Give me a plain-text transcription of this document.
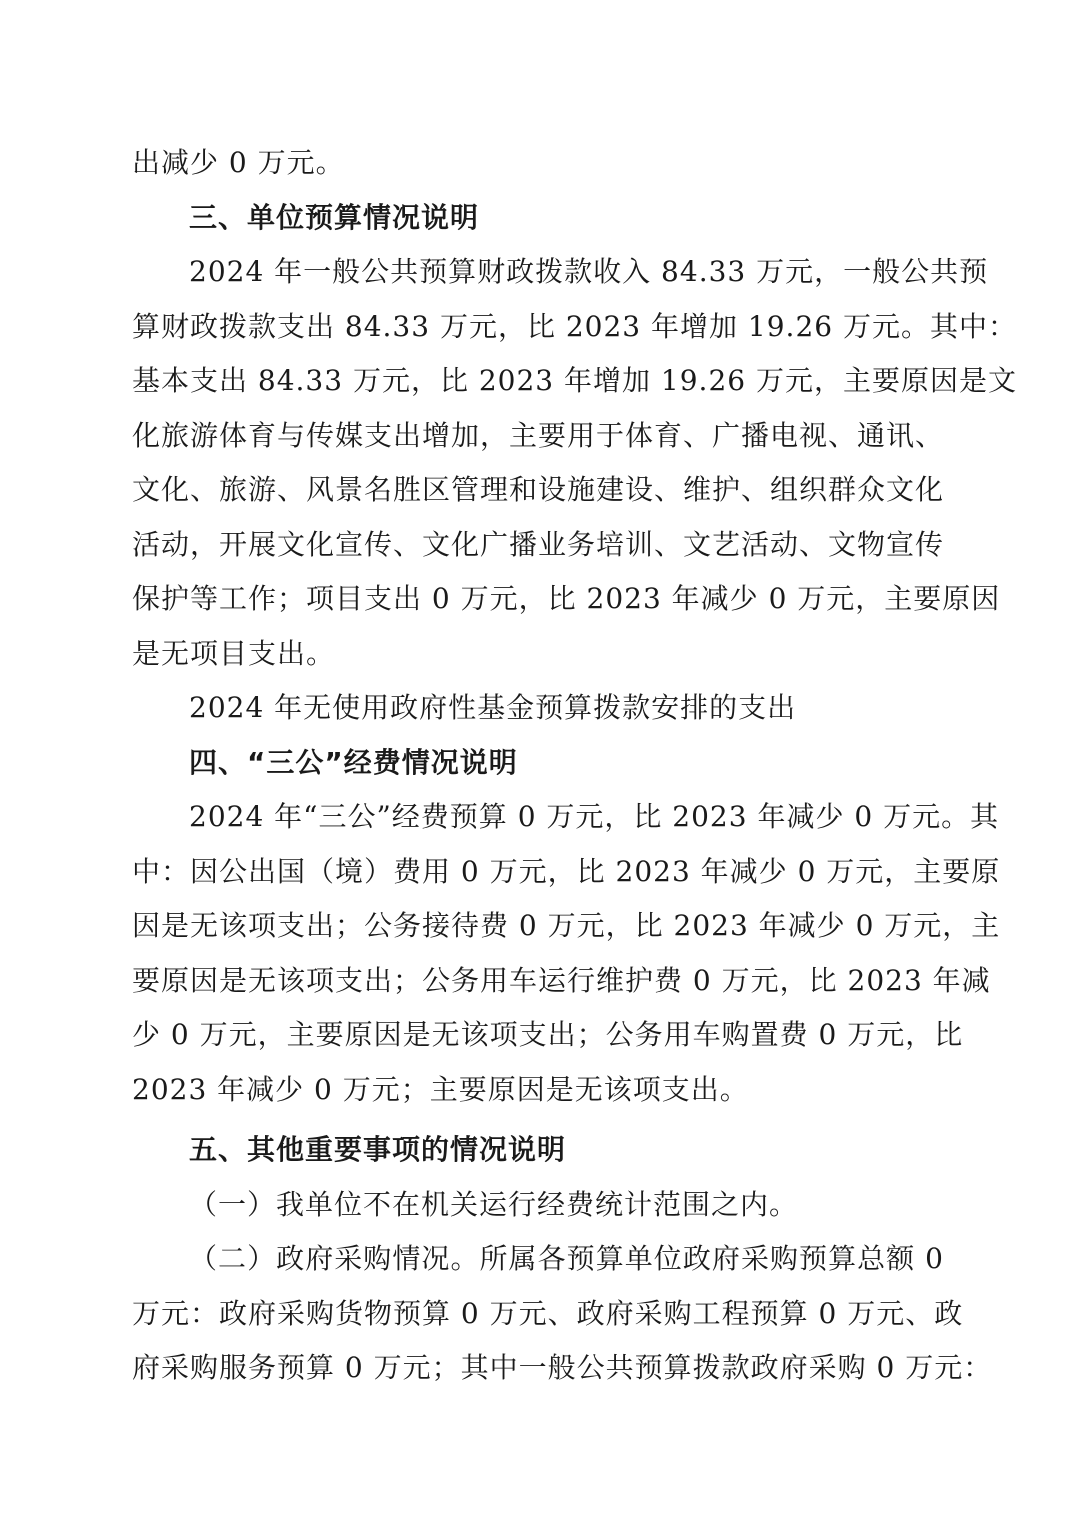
出减少 0 万元。
三、单位预算情况说明
2024 年一般公共预算财政拨款收入 84.33 万元，一般公共预
算财政拨款支出 84.33 万元，比 2023 年增加 19.26 万元。其中：
基本支出 84.33 万元，比 2023 年增加 19.26 万元，主要原因是文
化旅游体育与传媒支出增加，主要用于体育、广播电视、通讯、
文化、旅游、风景名胜区管理和设施建设、维护、组织群众文化
活动，开展文化宣传、文化广播业务培训、文艺活动、文物宣传
保护等工作；项目支出 0 万元，比 2023 年减少 0 万元，主要原因
是无项目支出。
2024 年无使用政府性基金预算拨款安排的支出
四、“三公”经费情况说明
2024 年“三公”经费预算 0 万元，比 2023 年减少 0 万元。其
中：因公出国（境）费用 0 万元，比 2023 年减少 0 万元，主要原
因是无该项支出；公务接待费 0 万元，比 2023 年减少 0 万元，主
要原因是无该项支出；公务用车运行维护费 0 万元，比 2023 年减
少 0 万元，主要原因是无该项支出；公务用车购置费 0 万元，比
2023 年减少 0 万元；主要原因是无该项支出。
五、其他重要事项的情况说明
（一）我单位不在机关运行经费统计范围之内。
（二）政府采购情况。所属各预算单位政府采购预算总额 0
万元：政府采购货物预算 0 万元、政府采购工程预算 0 万元、政
府采购服务预算 0 万元；其中一般公共预算拨款政府采购 0 万元：
